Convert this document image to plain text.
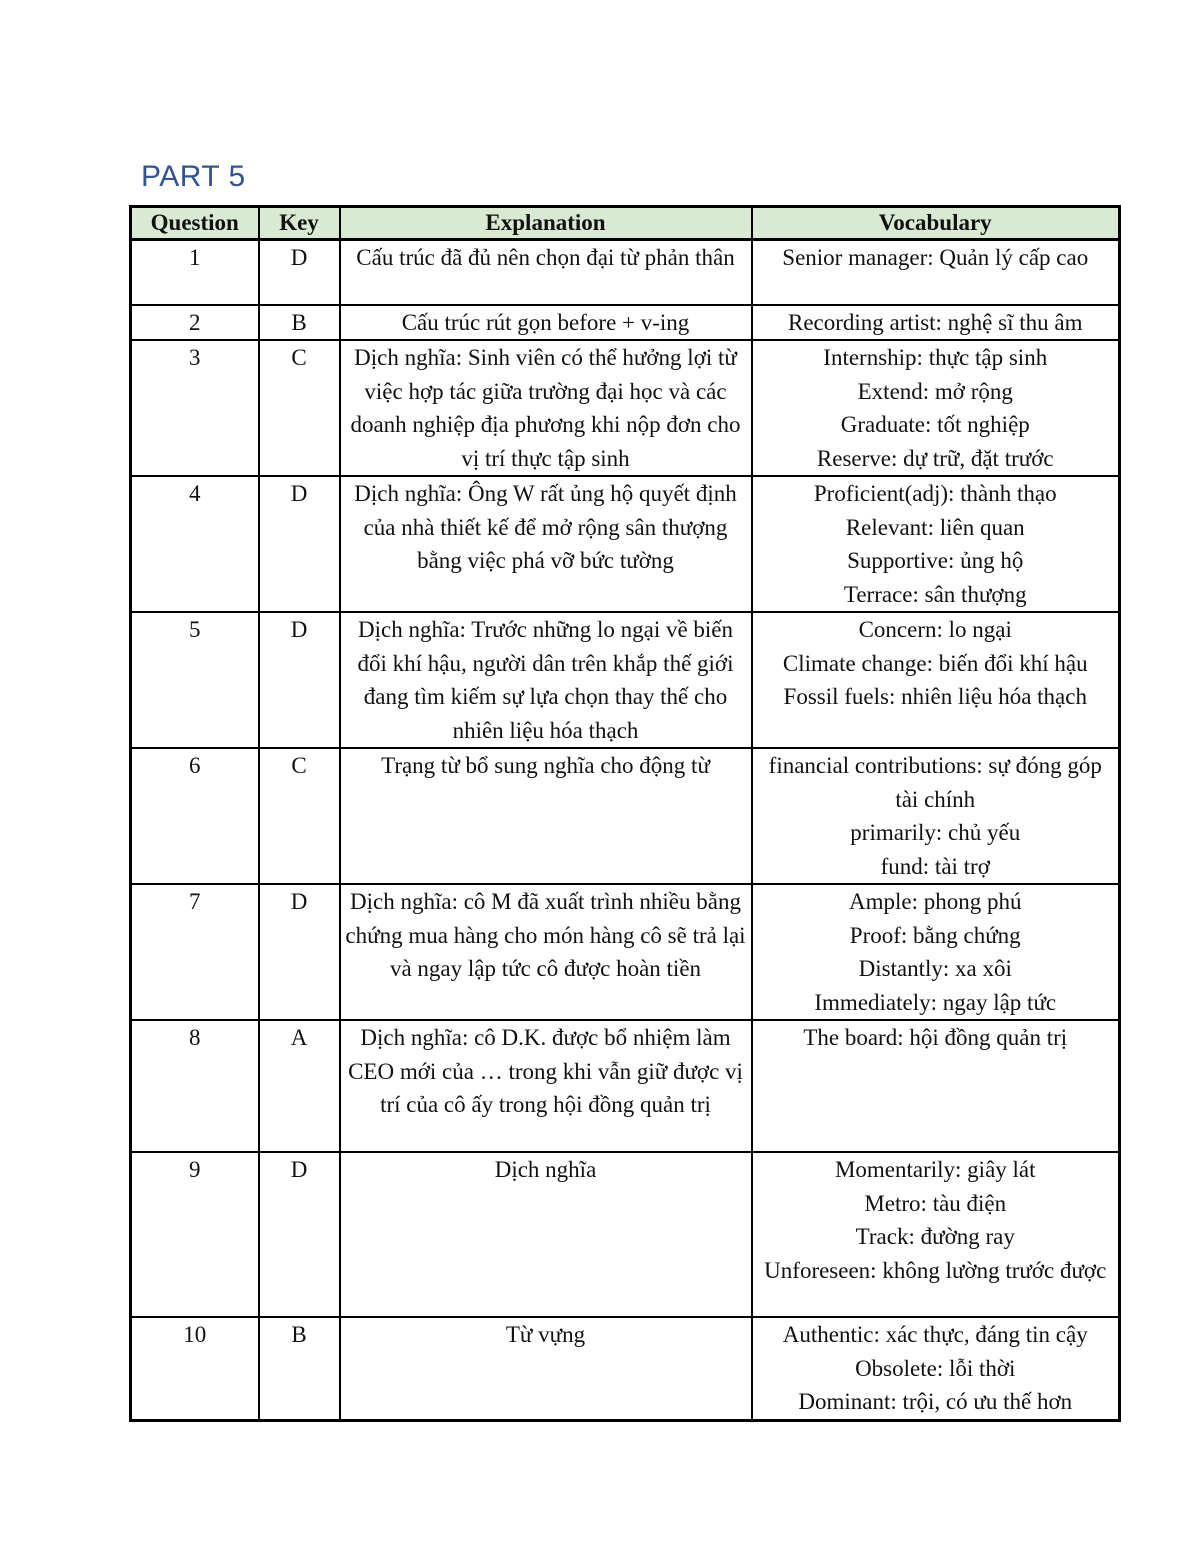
PART 5
Question	Key	Explanation	Vocabulary
1	D	Cấu trúc đã đủ nên chọn đại từ phản thân	Senior manager: Quản lý cấp cao

2	B	Cấu trúc rút gọn before + v-ing	Recording artist: nghệ sĩ thu âm

3	C	Dịch nghĩa: Sinh viên có thể hưởng lợi từ việc hợp tác giữa trường đại học và các doanh nghiệp địa phương khi nộp đơn cho vị trí thực tập sinh	Internship: thực tập sinh
Extend: mở rộng
Graduate: tốt nghiệp
Reserve: dự trữ, đặt trước

4	D	Dịch nghĩa: Ông W rất ủng hộ quyết định của nhà thiết kế để mở rộng sân thượng bằng việc phá vỡ bức tường	Proficient(adj): thành thạo
Relevant: liên quan
Supportive: ủng hộ
Terrace: sân thượng

5	D	Dịch nghĩa: Trước những lo ngại về biến đổi khí hậu, người dân trên khắp thế giới đang tìm kiếm sự lựa chọn thay thế cho nhiên liệu hóa thạch	Concern: lo ngại
Climate change: biến đổi khí hậu
Fossil fuels: nhiên liệu hóa thạch

6	C	Trạng từ bổ sung nghĩa cho động từ	financial contributions: sự đóng góp tài chính
primarily: chủ yếu
fund: tài trợ

7	D	Dịch nghĩa: cô M đã xuất trình nhiều bằng chứng mua hàng cho món hàng cô sẽ trả lại và ngay lập tức cô được hoàn tiền	Ample: phong phú
Proof: bằng chứng
Distantly: xa xôi
Immediately: ngay lập tức

8	A	Dịch nghĩa: cô D.K. được bổ nhiệm làm CEO mới của … trong khi vẫn giữ được vị trí của cô ấy trong hội đồng quản trị	The board: hội đồng quản trị

9	D	Dịch nghĩa	Momentarily: giây lát
Metro: tàu điện
Track: đường ray
Unforeseen: không lường trước được

10	B	Từ vựng	Authentic: xác thực, đáng tin cậy
Obsolete: lỗi thời
Dominant: trội, có ưu thế hơn
